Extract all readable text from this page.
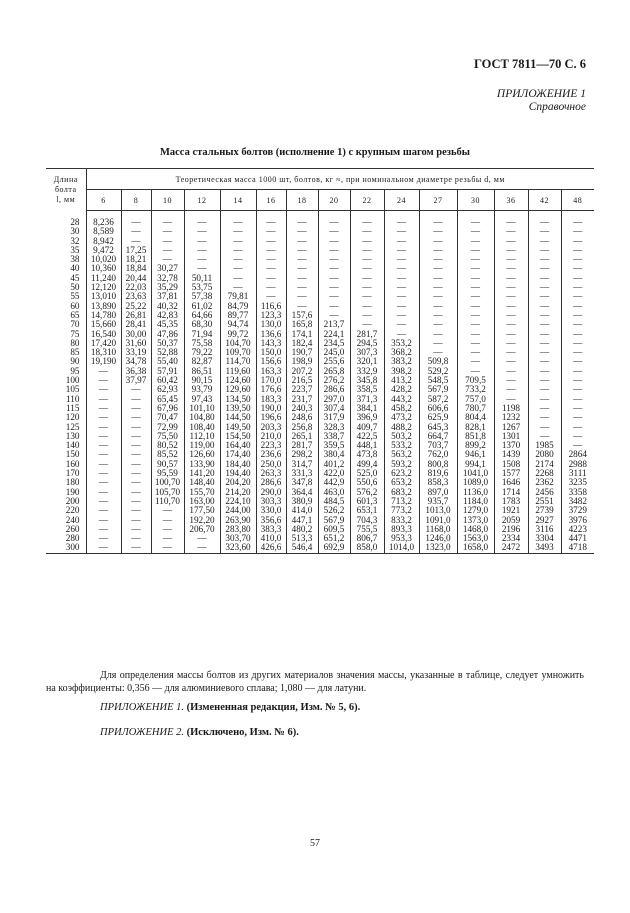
ГОСТ 7811—70 С. 6
ПРИЛОЖЕНИЕ 1
Справочное
Масса стальных болтов (исполнение 1) с крупным шагом резьбы
Длина
болта
l, мм	Теоретическая масса 1000 шт, болтов, кг ≈, при номинальном диаметре резьбы d, мм														
	6	8	10	12	14	16	18	20	22	24	27	30	36	42	48
28	8,236	—	—	—	—	—	—	—	—	—	—	—	—	—	—
30	8,589	—	—	—	—	—	—	—	—	—	—	—	—	—	—
32	8,942	—	—	—	—	—	—	—	—	—	—	—	—	—	—
35	9,472	17,25	—	—	—	—	—	—	—	—	—	—	—	—	—
38	10,020	18,21	—	—	—	—	—	—	—	—	—	—	—	—	—
40	10,360	18,84	30,27	—	—	—	—	—	—	—	—	—	—	—	—
45	11,240	20,44	32,78	50,11	—	—	—	—	—	—	—	—	—	—	—
50	12,120	22,03	35,29	53,75	—	—	—	—	—	—	—	—	—	—	—
55	13,010	23,63	37,81	57,38	79,81	—	—	—	—	—	—	—	—	—	—
60	13,890	25,22	40,32	61,02	84,79	116,6	—	—	—	—	—	—	—	—	—
65	14,780	26,81	42,83	64,66	89,77	123,3	157,6	—	—	—	—	—	—	—	—
70	15,660	28,41	45,35	68,30	94,74	130,0	165,8	213,7	—	—	—	—	—	—	—
75	16,540	30,00	47,86	71,94	99,72	136,6	174,1	224,1	281,7	—	—	—	—	—	—
80	17,420	31,60	50,37	75,58	104,70	143,3	182,4	234,5	294,5	353,2	—	—	—	—	—
85	18,310	33,19	52,88	79,22	109,70	150,0	190,7	245,0	307,3	368,2	—	—	—	—	—
90	19,190	34,78	55,40	82,87	114,70	156,6	198,9	255,6	320,1	383,2	509,8	—	—	—	—
95	—	36,38	57,91	86,51	119,60	163,3	207,2	265,8	332,9	398,2	529,2	—	—	—	—
100	—	37,97	60,42	90,15	124,60	170,0	216,5	276,2	345,8	413,2	548,5	709,5	—	—	—
105	—	—	62,93	93,79	129,60	176,6	223,7	286,6	358,5	428,2	567,9	733,2	—	—	—
110	—	—	65,45	97,43	134,50	183,3	231,7	297,0	371,3	443,2	587,2	757,0	—	—	—
115	—	—	67,96	101,10	139,50	190,0	240,3	307,4	384,1	458,2	606,6	780,7	1198	—	—
120	—	—	70,47	104,80	144,50	196,6	248,6	317,9	396,9	473,2	625,9	804,4	1232	—	—
125	—	—	72,99	108,40	149,50	203,3	256,8	328,3	409,7	488,2	645,3	828,1	1267	—	—
130	—	—	75,50	112,10	154,50	210,0	265,1	338,7	422,5	503,2	664,7	851,8	1301	—	—
140	—	—	80,52	119,00	164,40	223,3	281,7	359,5	448,1	533,2	703,7	899,2	1370	1985	—
150	—	—	85,52	126,60	174,40	236,6	298,2	380,4	473,8	563,2	762,0	946,1	1439	2080	2864
160	—	—	90,57	133,90	184,40	250,0	314,7	401,2	499,4	593,2	800,8	994,1	1508	2174	2988
170	—	—	95,59	141,20	194,40	263,3	331,3	422,0	525,0	623,2	819,6	1041,0	1577	2268	3111
180	—	—	100,70	148,40	204,20	286,6	347,8	442,9	550,6	653,2	858,3	1089,0	1646	2362	3235
190	—	—	105,70	155,70	214,20	290,0	364,4	463,0	576,2	683,2	897,0	1136,0	1714	2456	3358
200	—	—	110,70	163,00	224,10	303,3	380,9	484,5	601,3	713,2	935,7	1184,0	1783	2551	3482
220	—	—	—	177,50	244,00	330,0	414,0	526,2	653,1	773,2	1013,0	1279,0	1921	2739	3729
240	—	—	—	192,20	263,90	356,6	447,1	567,9	704,3	833,2	1091,0	1373,0	2059	2927	3976
260	—	—	—	206,70	283,80	383,3	480,2	609,5	755,5	893,3	1168,0	1468,0	2196	3116	4223
280	—	—	—	—	303,70	410,0	513,3	651,2	806,7	953,3	1246,0	1563,0	2334	3304	4471
300	—	—	—	—	323,60	426,6	546,4	692,9	858,0	1014,0	1323,0	1658,0	2472	3493	4718
Для определения массы болтов из других материалов значения массы, указанные в таблице, следует умножить на коэффициенты: 0,356 — для алюминиевого сплава; 1,080 — для латуни.
ПРИЛОЖЕНИЕ 1. (Измененная редакция, Изм. № 5, 6).
ПРИЛОЖЕНИЕ 2. (Исключено, Изм. № 6).
57
